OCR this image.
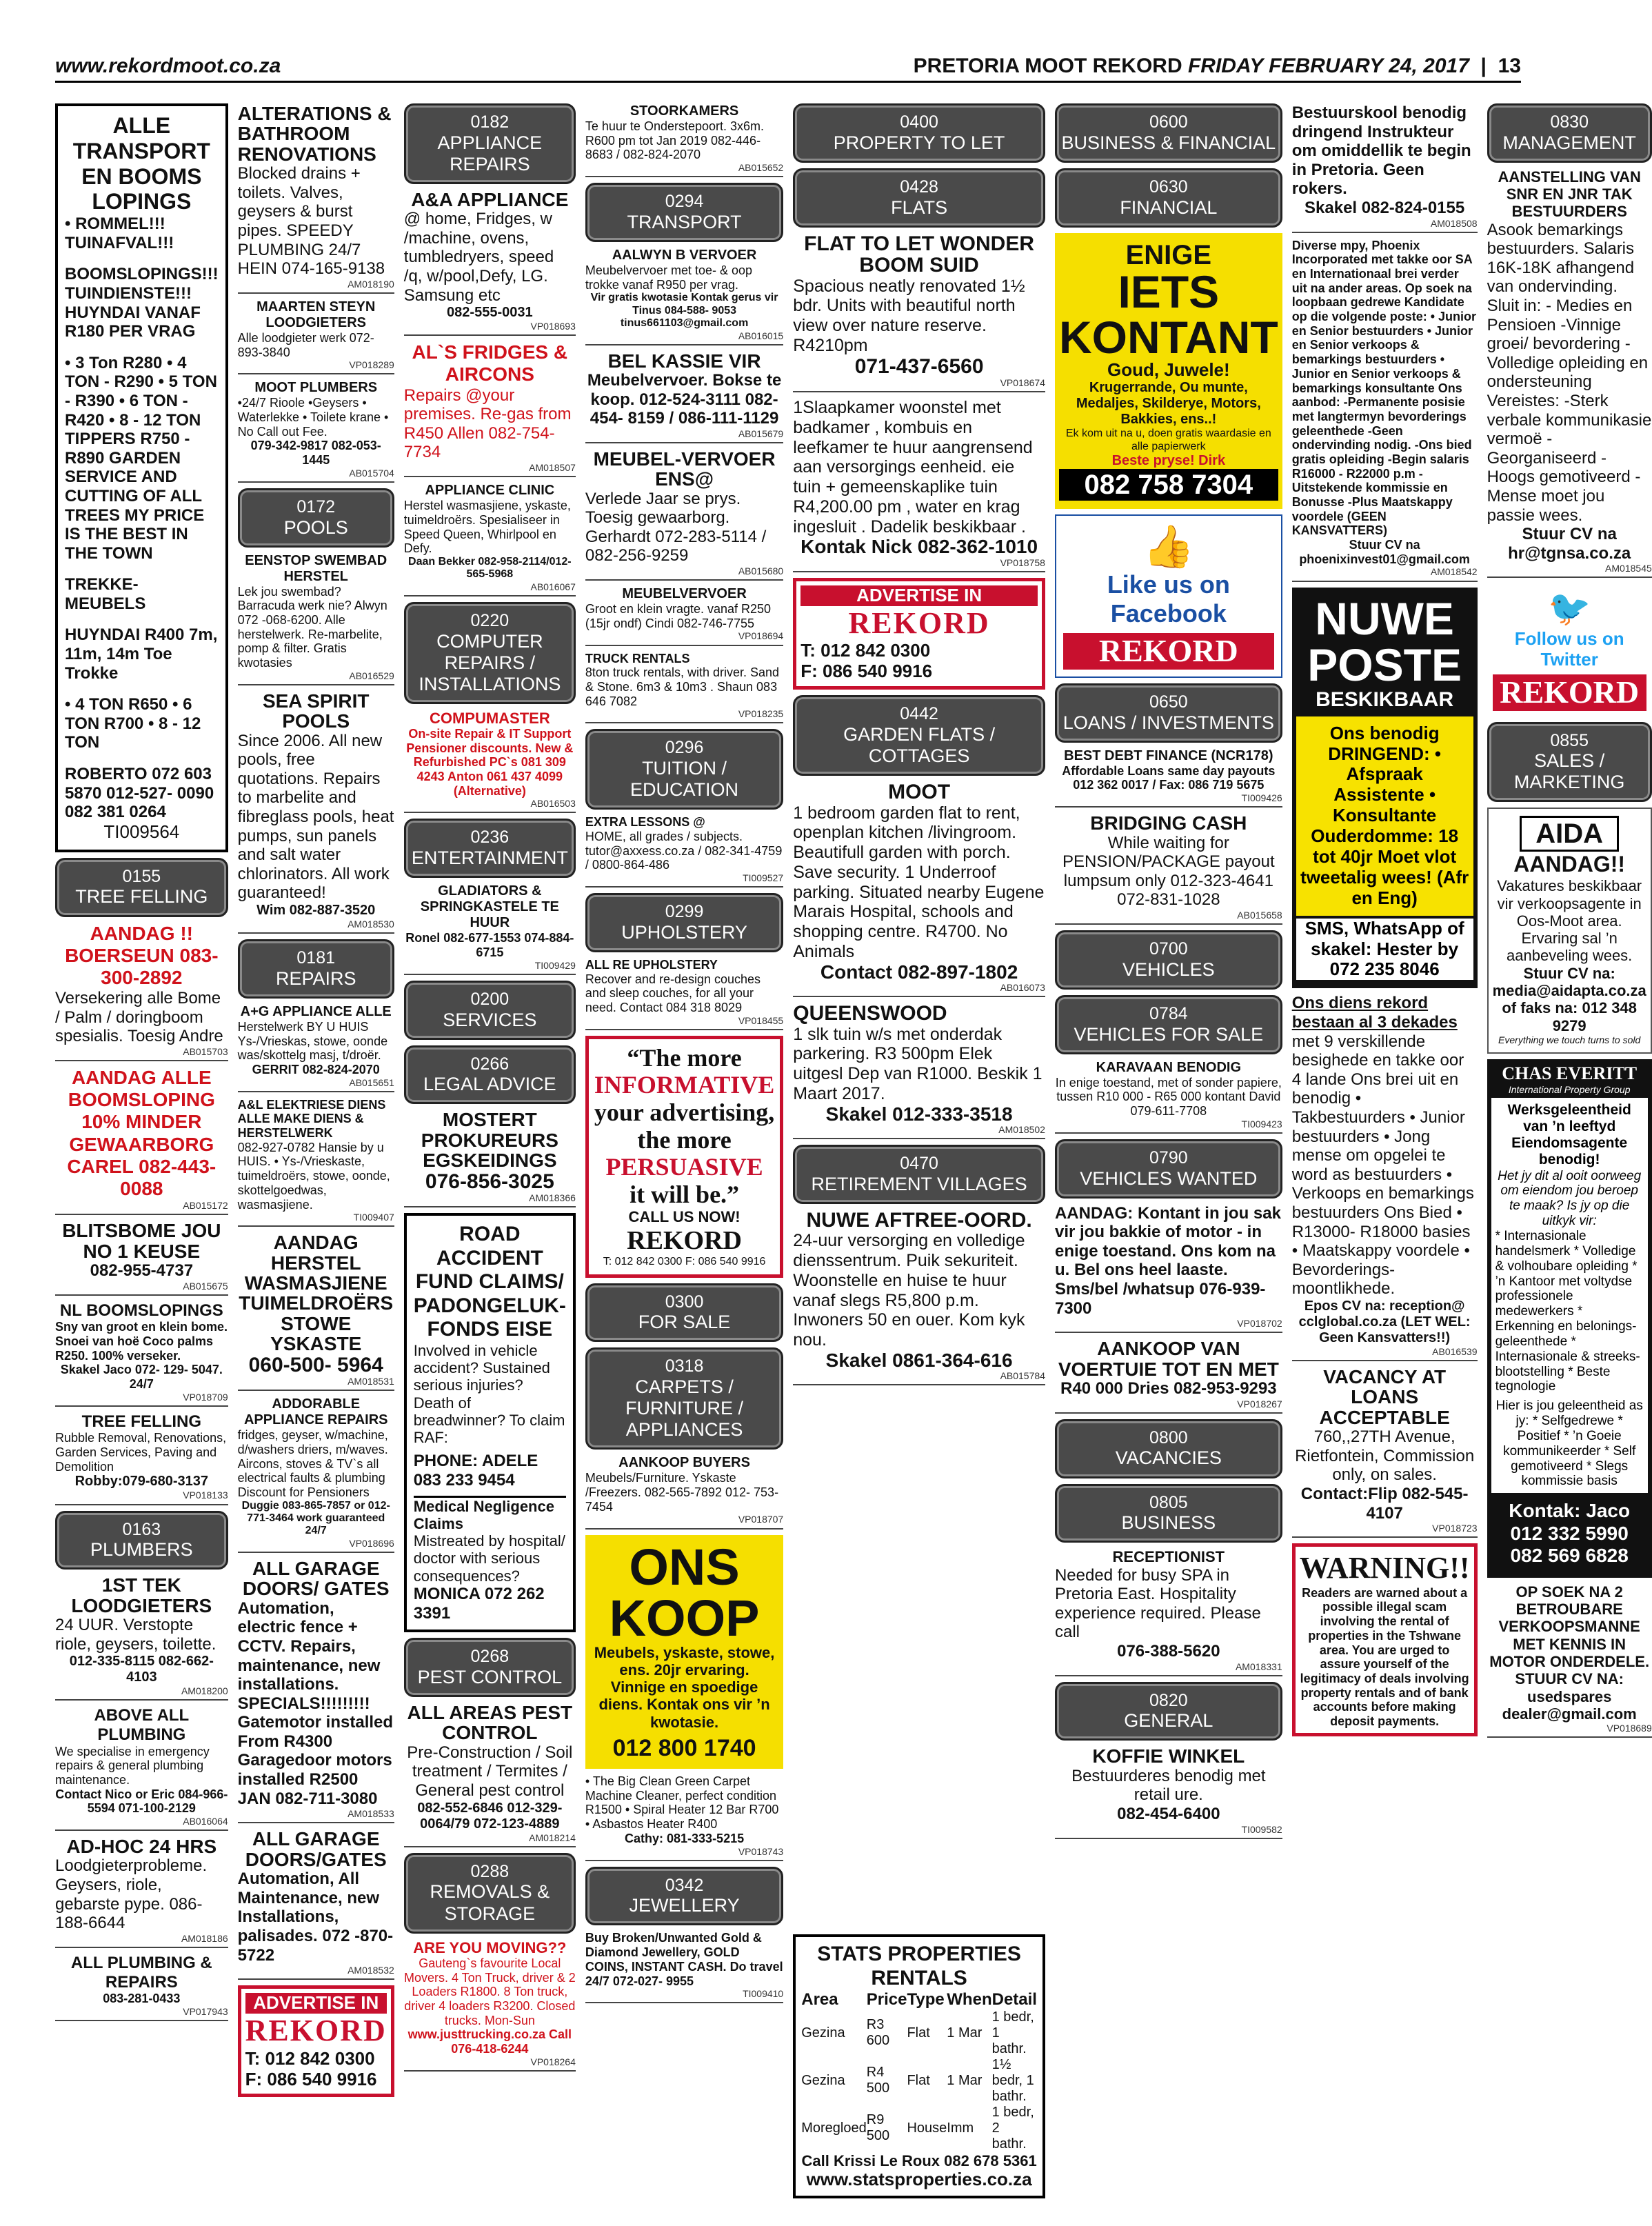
www.rekordmoot.co.za	PRETORIA MOOT REKORD FRIDAY FEBRUARY 24, 2017  |  13
ALLE TRANSPORT EN BOOMS LOPINGS
• ROMMEL!!! TUINAFVAL!!!
BOOMSLOPINGS!!! TUINDIENSTE!!! HUYNDAI VANAF R180 PER VRAG
• 3 Ton R280 • 4 TON - R290 • 5 TON - R390 • 6 TON - R420 • 8 - 12 TON TIPPERS R750 - R890 GARDEN SERVICE AND CUTTING OF ALL TREES MY PRICE IS THE BEST IN THE TOWN
TREKKE-MEUBELS
HUYNDAI R400 7m, 11m, 14m Toe Trokke
• 4 TON R650 • 6 TON R700 • 8 - 12 TON
ROBERTO 072 603 5870 012-527- 0090 082 381 0264
TI009564
0155
TREE FELLING
AANDAG !! BOERSEUN 083-300-2892
Versekering alle Bome / Palm / doringboom spesialis. Toesig Andre
AB015703
AANDAG ALLE BOOMSLOPING 10% MINDER GEWAARBORG CAREL 082-443-0088
AB015172
BLITSBOME JOU NO 1 KEUSE
082-955-4737
AB015675
NL BOOMSLOPINGS
Sny van groot en klein bome. Snoei van hoë Coco palms R250. 100% verseker.
Skakel Jaco 072- 129- 5047. 24/7
VP018709
TREE FELLING
Rubble Removal, Renovations, Garden Services, Paving and Demolition
Robby:079-680-3137
VP018133
0163
PLUMBERS
1ST TEK LOODGIETERS
24 UUR. Verstopte riole, geysers, toilette.
012-335-8115 082-662-4103
AM018200
ABOVE ALL PLUMBING
We specialise in emergency repairs & general plumbing maintenance.
Contact Nico or Eric 084-966- 5594 071-100-2129
AB016064
AD-HOC 24 HRS
Loodgieterprobleme. Geysers, riole, gebarste pype. 086-188-6644
AM018186
ALL PLUMBING & REPAIRS
083-281-0433
VP017943
ALTERATIONS & BATHROOM RENOVATIONS
Blocked drains + toilets. Valves, geysers & burst pipes. SPEEDY PLUMBING 24/7 HEIN 074-165-9138
AM018190
MAARTEN STEYN LOODGIETERS
Alle loodgieter werk 072-893-3840
VP018289
MOOT PLUMBERS
•24/7 Rioole •Geysers • Waterlekke • Toilete krane • No Call out Fee.
079-342-9817 082-053-1445
AB015704
0172
POOLS
EENSTOP SWEMBAD HERSTEL
Lek jou swembad? Barracuda werk nie? Alwyn 072 -068-6200. Alle herstelwerk. Re-marbelite, pomp & filter. Gratis kwotasies
AB016529
SEA SPIRIT POOLS
Since 2006. All new pools, free quotations. Repairs to marbelite and fibreglass pools, heat pumps, sun panels and salt water chlorinators. All work guaranteed!
Wim 082-887-3520
AM018530
0181
REPAIRS
A+G APPLIANCE ALLE
Herstelwerk BY U HUIS Ys-/Vrieskas, stowe, oonde was/skottelg masj, t/droër.
GERRIT 082-824-2070
AB015651
A&L ELEKTRIESE DIENS ALLE MAKE DIENS & HERSTELWERK
082-927-0782 Hansie by u HUIS. • Ys-/Vrieskaste, tuimeldroërs, stowe, oonde, skottelgoedwas, wasmasjiene.
TI009407
AANDAG HERSTEL WASMASJIENE TUIMELDROËRS STOWE YSKASTE
060-500- 5964
AM018531
ADDORABLE APPLIANCE REPAIRS
fridges, geyser, w/machine, d/washers driers, m/waves. Aircons, stoves & TV`s all electrical faults & plumbing Discount for Pensioners
Duggie 083-865-7857 or 012-771-3464 work guaranteed 24/7
VP018696
ALL GARAGE DOORS/ GATES
Automation, electric fence + CCTV. Repairs, maintenance, new installations. SPECIALS!!!!!!!!! Gatemotor installed From R4300 Garagedoor motors installed R2500 JAN 082-711-3080
AM018533
ALL GARAGE DOORS/GATES
Automation, All Maintenance, new Installations, palisades. 072 -870-5722
AM018532
ADVERTISE IN
REKORD
T: 012 842 0300
F: 086 540 9916
0182
APPLIANCE REPAIRS
A&A APPLIANCE
@ home, Fridges, w /machine, ovens, tumbledryers, speed /q, w/pool,Defy, LG. Samsung etc
082-555-0031
VP018693
AL`S FRIDGES & AIRCONS
Repairs @your premises. Re-gas from R450 Allen 082-754-7734
AM018507
APPLIANCE CLINIC
Herstel wasmasjiene, yskaste, tuimeldroërs. Spesialiseer in Speed Queen, Whirlpool en Defy.
Daan Bekker 082-958-2114/012-565-5968
AB016067
0220
COMPUTER REPAIRS / INSTALLATIONS
COMPUMASTER
On-site Repair & IT Support Pensioner discounts. New & Refurbished PC`s 081 309 4243 Anton 061 437 4099 (Alternative)
AB016503
0236
ENTERTAINMENT
GLADIATORS & SPRINGKASTELE TE HUUR
Ronel 082-677-1553 074-884-6715
TI009429
0200
SERVICES
0266
LEGAL ADVICE
MOSTERT PROKUREURS EGSKEIDINGS
076-856-3025
AM018366
ROAD ACCIDENT FUND CLAIMS/ PADONGELUK-FONDS EISE
Involved in vehicle accident? Sustained serious injuries? Death of breadwinner? To claim RAF:
PHONE: ADELE 083 233 9454
Medical Negligence Claims
Mistreated by hospital/ doctor with serious consequences?
MONICA 072 262 3391
0268
PEST CONTROL
ALL AREAS PEST CONTROL
Pre-Construction / Soil treatment / Termites / General pest control
082-552-6846 012-329-0064/79 072-123-4889
AM018214
0288
REMOVALS & STORAGE
ARE YOU MOVING??
Gauteng`s favourite Local Movers. 4 Ton Truck, driver & 2 Loaders R1800. 8 Ton truck, driver 4 loaders R3200. Closed trucks. Mon-Sun
www.justtrucking.co.za Call 076-418-6244
VP018264
STOORKAMERS
Te huur te Onderstepoort. 3x6m. R600 pm tot Jan 2019 082-446-8683 / 082-824-2070
AB015652
0294
TRANSPORT
AALWYN B VERVOER
Meubelvervoer met toe- & oop trokke vanaf R950 per vrag.
Vir gratis kwotasie Kontak gerus vir Tinus 084-588- 9053 tinus661103@gmail.com
AB016015
BEL KASSIE VIR
Meubelvervoer. Bokse te koop. 012-524-3111 082-454- 8159 / 086-111-1129
AB015679
MEUBEL-VERVOER ENS@
Verlede Jaar se prys. Toesig gewaarborg. Gerhardt 072-283-5114 / 082-256-9259
AB015680
MEUBELVERVOER
Groot en klein vragte. vanaf R250 (15jr ondf) Cindi 082-746-7755
VP018694
TRUCK RENTALS
8ton truck rentals, with driver. Sand & Stone. 6m3 & 10m3 . Shaun 083 646 7082
VP018235
0296
TUITION / EDUCATION
EXTRA LESSONS @
HOME, all grades / subjects. tutor@axxess.co.za / 082-341-4759 / 0800-864-486
TI009527
0299
UPHOLSTERY
ALL RE UPHOLSTERY
Recover and re-design couches and sleep couches, for all your need. Contact 084 318 8029
VP018455
“The more
INFORMATIVE
your advertising, the more
PERSUASIVE
it will be.”
CALL US NOW!
REKORD
T: 012 842 0300 F: 086 540 9916
0300
FOR SALE
0318
CARPETS / FURNITURE / APPLIANCES
AANKOOP BUYERS
Meubels/Furniture. Yskaste /Freezers. 082-565-7892 012- 753-7454
VP018707
ONS KOOP
Meubels, yskaste, stowe, ens. 20jr ervaring. Vinnige en spoedige diens. Kontak ons vir ’n kwotasie.
012 800 1740
• The Big Clean Green Carpet Machine Cleaner, perfect condition R1500 • Spiral Heater 12 Bar R700 • Asbastos Heater R400
Cathy: 081-333-5215
VP018743
0342
JEWELLERY
Buy Broken/Unwanted Gold & Diamond Jewellery, GOLD COINS, INSTANT CASH. Do travel 24/7 072-027- 9955
TI009410
0400
PROPERTY TO LET
0428
FLATS
FLAT TO LET WONDER BOOM SUID
Spacious neatly renovated 1½ bdr. Units with beautiful north view over nature reserve. R4210pm
071-437-6560
VP018674
1Slaapkamer woonstel met badkamer , kombuis en leefkamer te huur aangrensend aan versorgings eenheid. eie tuin + gemeenskaplike tuin R4,200.00 pm , water en krag ingesluit . Dadelik beskikbaar .
Kontak Nick 082-362-1010
VP018758
ADVERTISE IN
REKORD
T: 012 842 0300
F: 086 540 9916
0442
GARDEN FLATS / COTTAGES
MOOT
1 bedroom garden flat to rent, openplan kitchen /livingroom. Beautifull garden with porch. Save security. 1 Underroof parking. Situated nearby Eugene Marais Hospital, schools and shopping centre. R4700. No Animals
Contact 082-897-1802
AB016073
QUEENSWOOD
1 slk tuin w/s met onderdak parkering. R3 500pm Elek uitgesl Dep van R1000. Beskik 1 Maart 2017.
Skakel 012-333-3518
AM018502
0470
RETIREMENT VILLAGES
NUWE AFTREE-OORD.
24-uur versorging en volledige dienssentrum. Puik sekuriteit. Woonstelle en huise te huur vanaf slegs R5,800 p.m. Inwoners 50 en ouer. Kom kyk nou.
Skakel 0861-364-616
AB015784
STATS PROPERTIES RENTALS
Area	Price	Type	When	Detail
Gezina	R3 600	Flat	1 Mar	1 bedr, 1 bathr.
Gezina	R4 500	Flat	1 Mar	1½ bedr, 1 bathr.
Moregloed	R9 500	House	Imm	1 bedr, 2 bathr.
Call Krissi Le Roux 082 678 5361
www.statsproperties.co.za
0600
BUSINESS & FINANCIAL
0630
FINANCIAL
ENIGE
IETS KONTANT
Goud, Juwele!
Krugerrande, Ou munte, Medaljes, Skilderye, Motors, Bakkies, ens..!
Ek kom uit na u, doen gratis waardasie en alle papierwerk
Beste pryse! Dirk
082 758 7304
👍
Like us on Facebook
REKORD
0650
LOANS / INVESTMENTS
BEST DEBT FINANCE (NCR178)
Affordable Loans same day payouts 012 362 0017 / Fax: 086 719 5675
TI009426
BRIDGING CASH
While waiting for PENSION/PACKAGE payout lumpsum only 012-323-4641 072-831-1028
AB015658
0700
VEHICLES
0784
VEHICLES FOR SALE
KARAVAAN BENODIG
In enige toestand, met of sonder papiere, tussen R10 000 - R65 000 kontant David 079-611-7708
TI009423
0790
VEHICLES WANTED
AANDAG: Kontant in jou sak vir jou bakkie of motor - in enige toestand. Ons kom na u. Bel ons heel laaste. Sms/bel /whatsup 076-939-7300
VP018702
AANKOOP VAN VOERTUIE TOT EN MET
R40 000 Dries 082-953-9293
VP018267
0800
VACANCIES
0805
BUSINESS
RECEPTIONIST
Needed for busy SPA in Pretoria East. Hospitality experience required. Please call
076-388-5620
AM018331
0820
GENERAL
KOFFIE WINKEL
Bestuurderes benodig met retail ure.
082-454-6400
TI009582
Bestuurskool benodig dringend Instrukteur om omiddellik te begin in Pretoria. Geen rokers.
Skakel 082-824-0155
AM018508
Diverse mpy, Phoenix Incorporated met takke oor SA en Internationaal brei verder uit na ander areas. Op soek na loopbaan gedrewe Kandidate op die volgende poste: • Junior en Senior bestuurders • Junior en Senior verkoops & bemarkings bestuurders • Junior en Senior verkoops & bemarkings konsultante Ons aanbod: -Permanente posisie met langtermyn bevorderings geleenthede -Geen ondervinding nodig. -Ons bied gratis opleiding -Begin salaris R16000 - R22000 p.m -Uitstekende kommissie en Bonusse -Plus Maatskappy voordele (GEEN KANSVATTERS)
Stuur CV na phoenixinvest01@gmail.com
AM018542
NUWE POSTE
BESKIKBAAR
Ons benodig DRINGEND: • Afspraak Assistente • Konsultante Ouderdomme: 18 tot 40jr Moet vlot tweetalig wees! (Afr en Eng)
SMS, WhatsApp of skakel: Hester by 072 235 8046
Ons diens rekord bestaan al 3 dekades
met 9 verskillende besighede en takke oor 4 lande Ons brei uit en benodig • Takbestuurders • Junior bestuurders • Jong mense om opgelei te word as bestuurders • Verkoops en bemarkings bestuurders Ons Bied • R13000- R18000 basies • Maatskappy voordele • Bevorderings-moontlikhede.
Epos CV na: reception@ cclglobal.co.za (LET WEL: Geen Kansvatters!!)
AB016539
VACANCY AT LOANS ACCEPTABLE
760,,27TH Avenue, Rietfontein, Commission only, on sales.
Contact:Flip 082-545-4107
VP018723
WARNING!!
Readers are warned about a possible illegal scam involving the rental of properties in the Tshwane area. You are urged to assure yourself of the legitimacy of deals involving property rentals and of bank accounts before making deposit payments.
0830
MANAGEMENT
AANSTELLING VAN SNR EN JNR TAK BESTUURDERS
Asook bemarkings bestuurders. Salaris 16K-18K afhangend van ondervinding. Sluit in: - Medies en Pensioen -Vinnige groei/ bevordering - Volledige opleiding en ondersteuning Vereistes: -Sterk verbale kommunikasie vermoë - Georganiseerd - Hoogs gemotiveerd -Mense moet jou passie wees.
Stuur CV na hr@tgnsa.co.za
AM018545
🐦
Follow us on Twitter
REKORD
0855
SALES / MARKETING
AIDA
AANDAG!!
Vakatures beskikbaar vir verkoopsagente in Oos-Moot area. Ervaring sal ’n aanbeveling wees.
Stuur CV na: media@aidapta.co.za of faks na: 012 348 9279
Everything we touch turns to sold
CHAS EVERITT
International Property Group
Werksgeleentheid van ’n leeftyd Eiendomsagente benodig!
Het jy dit al ooit oorweeg om eiendom jou beroep te maak? Is jy op die uitkyk vir:
* Internasionale handelsmerk * Volledige & volhoubare opleiding * ’n Kantoor met voltydse professionele medewerkers * Erkenning en belonings-geleenthede * Internasionale & streeks-blootstelling * Beste tegnologie
Hier is jou geleentheid as jy: * Selfgedrewe * Positief * ’n Goeie kommunikeerder * Self gemotiveerd * Slegs kommissie basis
Kontak: Jaco 012 332 5990 082 569 6828
OP SOEK NA 2 BETROUBARE VERKOOPSMANNE MET KENNIS IN MOTOR ONDERDELE. STUUR CV NA: usedspares dealer@gmail.com
VP018689
